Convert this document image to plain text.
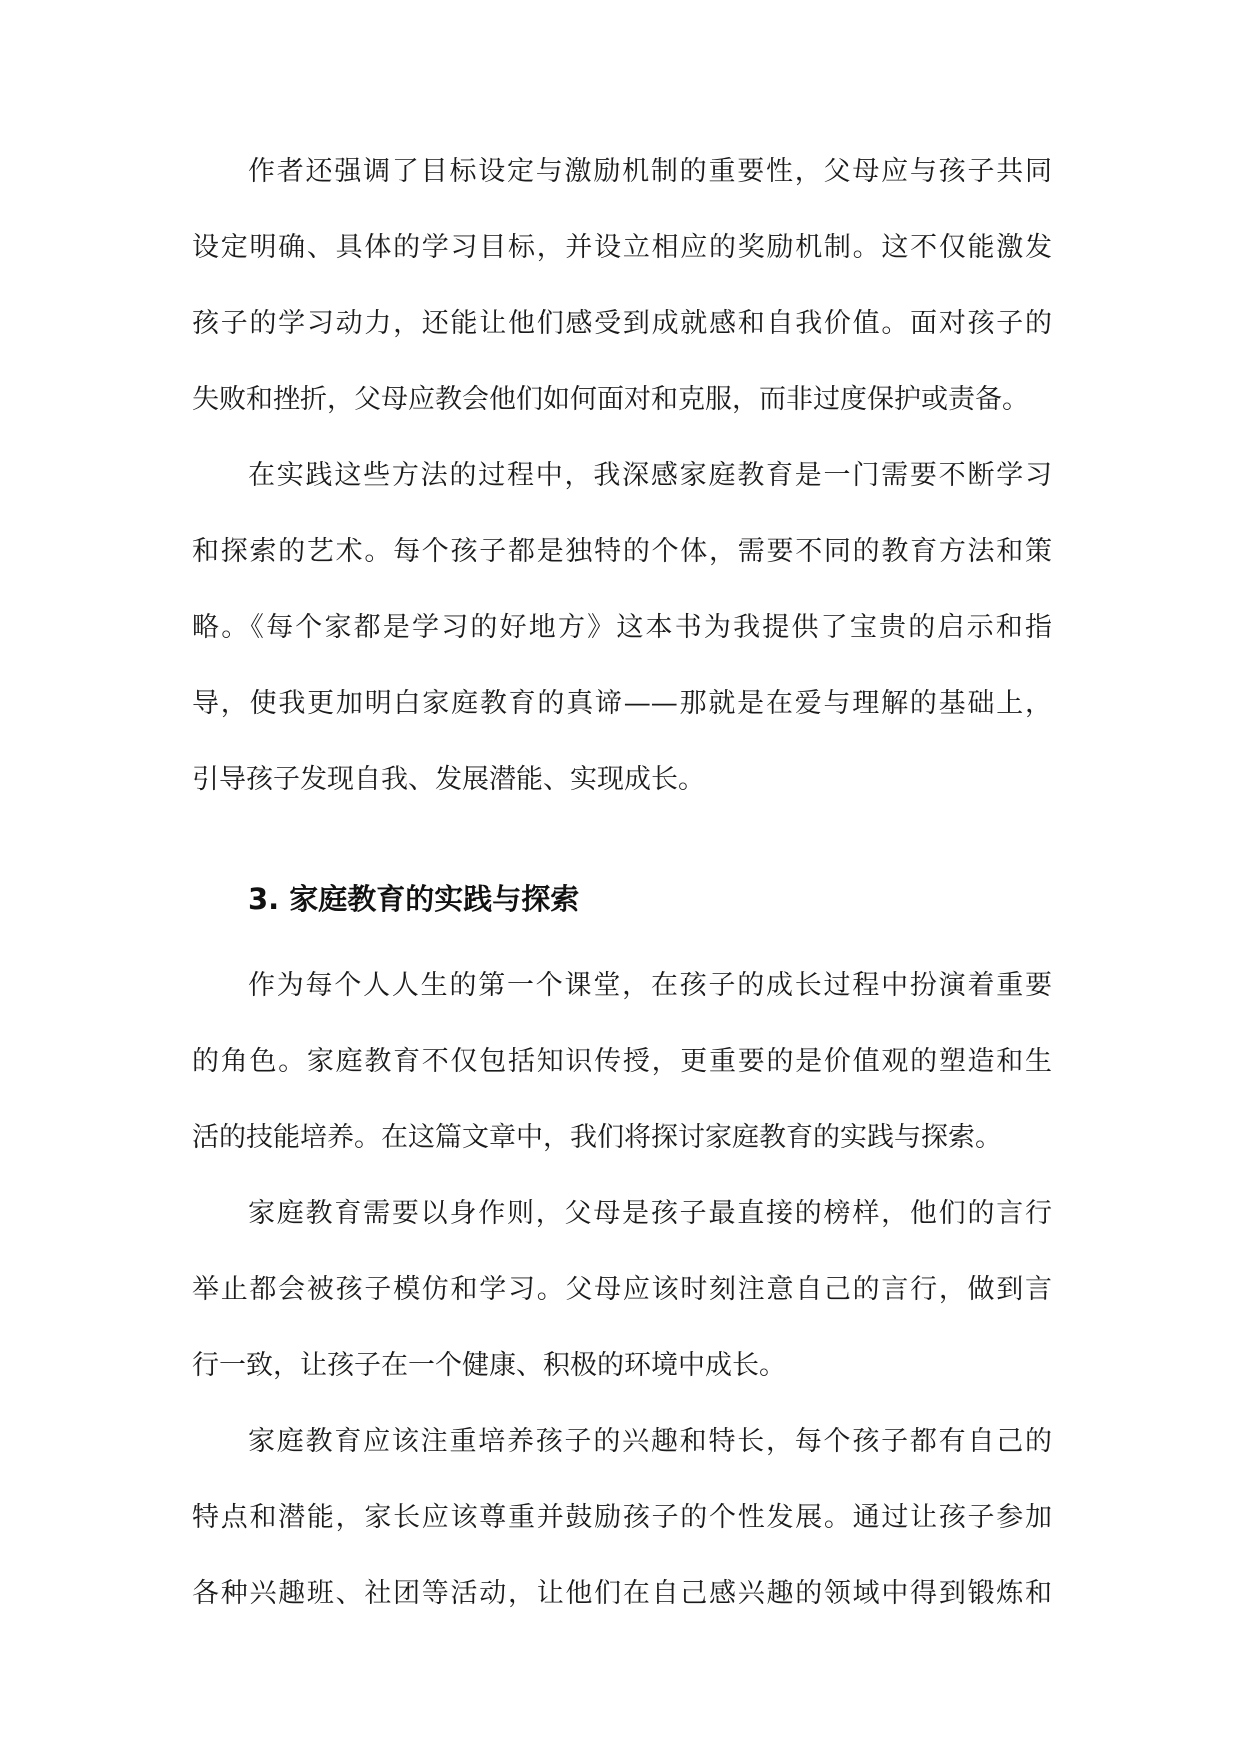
作者还强调了目标设定与激励机制的重要性，父母应与孩子共同
设定明确、具体的学习目标，并设立相应的奖励机制。这不仅能激发
孩子的学习动力，还能让他们感受到成就感和自我价值。面对孩子的
失败和挫折，父母应教会他们如何面对和克服，而非过度保护或责备。
在实践这些方法的过程中，我深感家庭教育是一门需要不断学习
和探索的艺术。每个孩子都是独特的个体，需要不同的教育方法和策
略。《每个家都是学习的好地方》这本书为我提供了宝贵的启示和指
导，使我更加明白家庭教育的真谛——那就是在爱与理解的基础上，
引导孩子发现自我、发展潜能、实现成长。
3. 家庭教育的实践与探索
作为每个人人生的第一个课堂，在孩子的成长过程中扮演着重要
的角色。家庭教育不仅包括知识传授，更重要的是价值观的塑造和生
活的技能培养。在这篇文章中，我们将探讨家庭教育的实践与探索。
家庭教育需要以身作则，父母是孩子最直接的榜样，他们的言行
举止都会被孩子模仿和学习。父母应该时刻注意自己的言行，做到言
行一致，让孩子在一个健康、积极的环境中成长。
家庭教育应该注重培养孩子的兴趣和特长，每个孩子都有自己的
特点和潜能，家长应该尊重并鼓励孩子的个性发展。通过让孩子参加
各种兴趣班、社团等活动，让他们在自己感兴趣的领域中得到锻炼和
